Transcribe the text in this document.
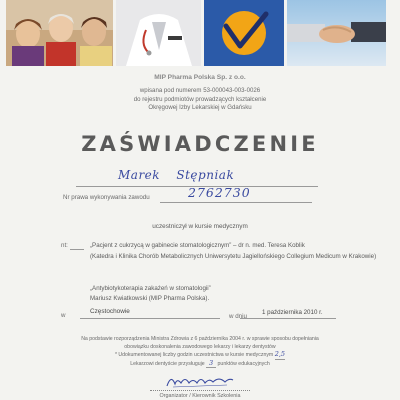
MIP Pharma Polska Sp. z o.o.
wpisana pod numerem 53-000043-003-0026
do rejestru podmiotów prowadzących kształcenie
Okręgowej Izby Lekarskiej w Gdańsku
ZAŚWIADCZENIE
Marek Stępniak
Nr prawa wykonywania zawodu	2762730
uczestniczył w kursie medycznym
nt:	„Pacjent z cukrzycą w gabinecie stomatologicznym” – dr n. med. Teresa Koblik
(Katedra i Klinika Chorób Metabolicznych Uniwersytetu Jagiellońskiego Collegium Medicum w Krakowie)
„Antybiotykoterapia zakażeń w stomatologii”
Mariusz Kwiatkowski (MIP Pharma Polska).
w
Częstochowie
w dniu
1 października 2010 r.
Na podstawie rozporządzenia Ministra Zdrowia z 6 października 2004 r. w sprawie sposobu dopełniania
obowiązku doskonalenia zawodowego lekarzy i lekarzy dentystów
* Udokumentowanej liczby godzin uczestnictwa w kursie medycznym 2,5
Lekarzowi dentyście przysługuje 3 punktów edukacyjnych
Organizator / Kierownik Szkolenia
